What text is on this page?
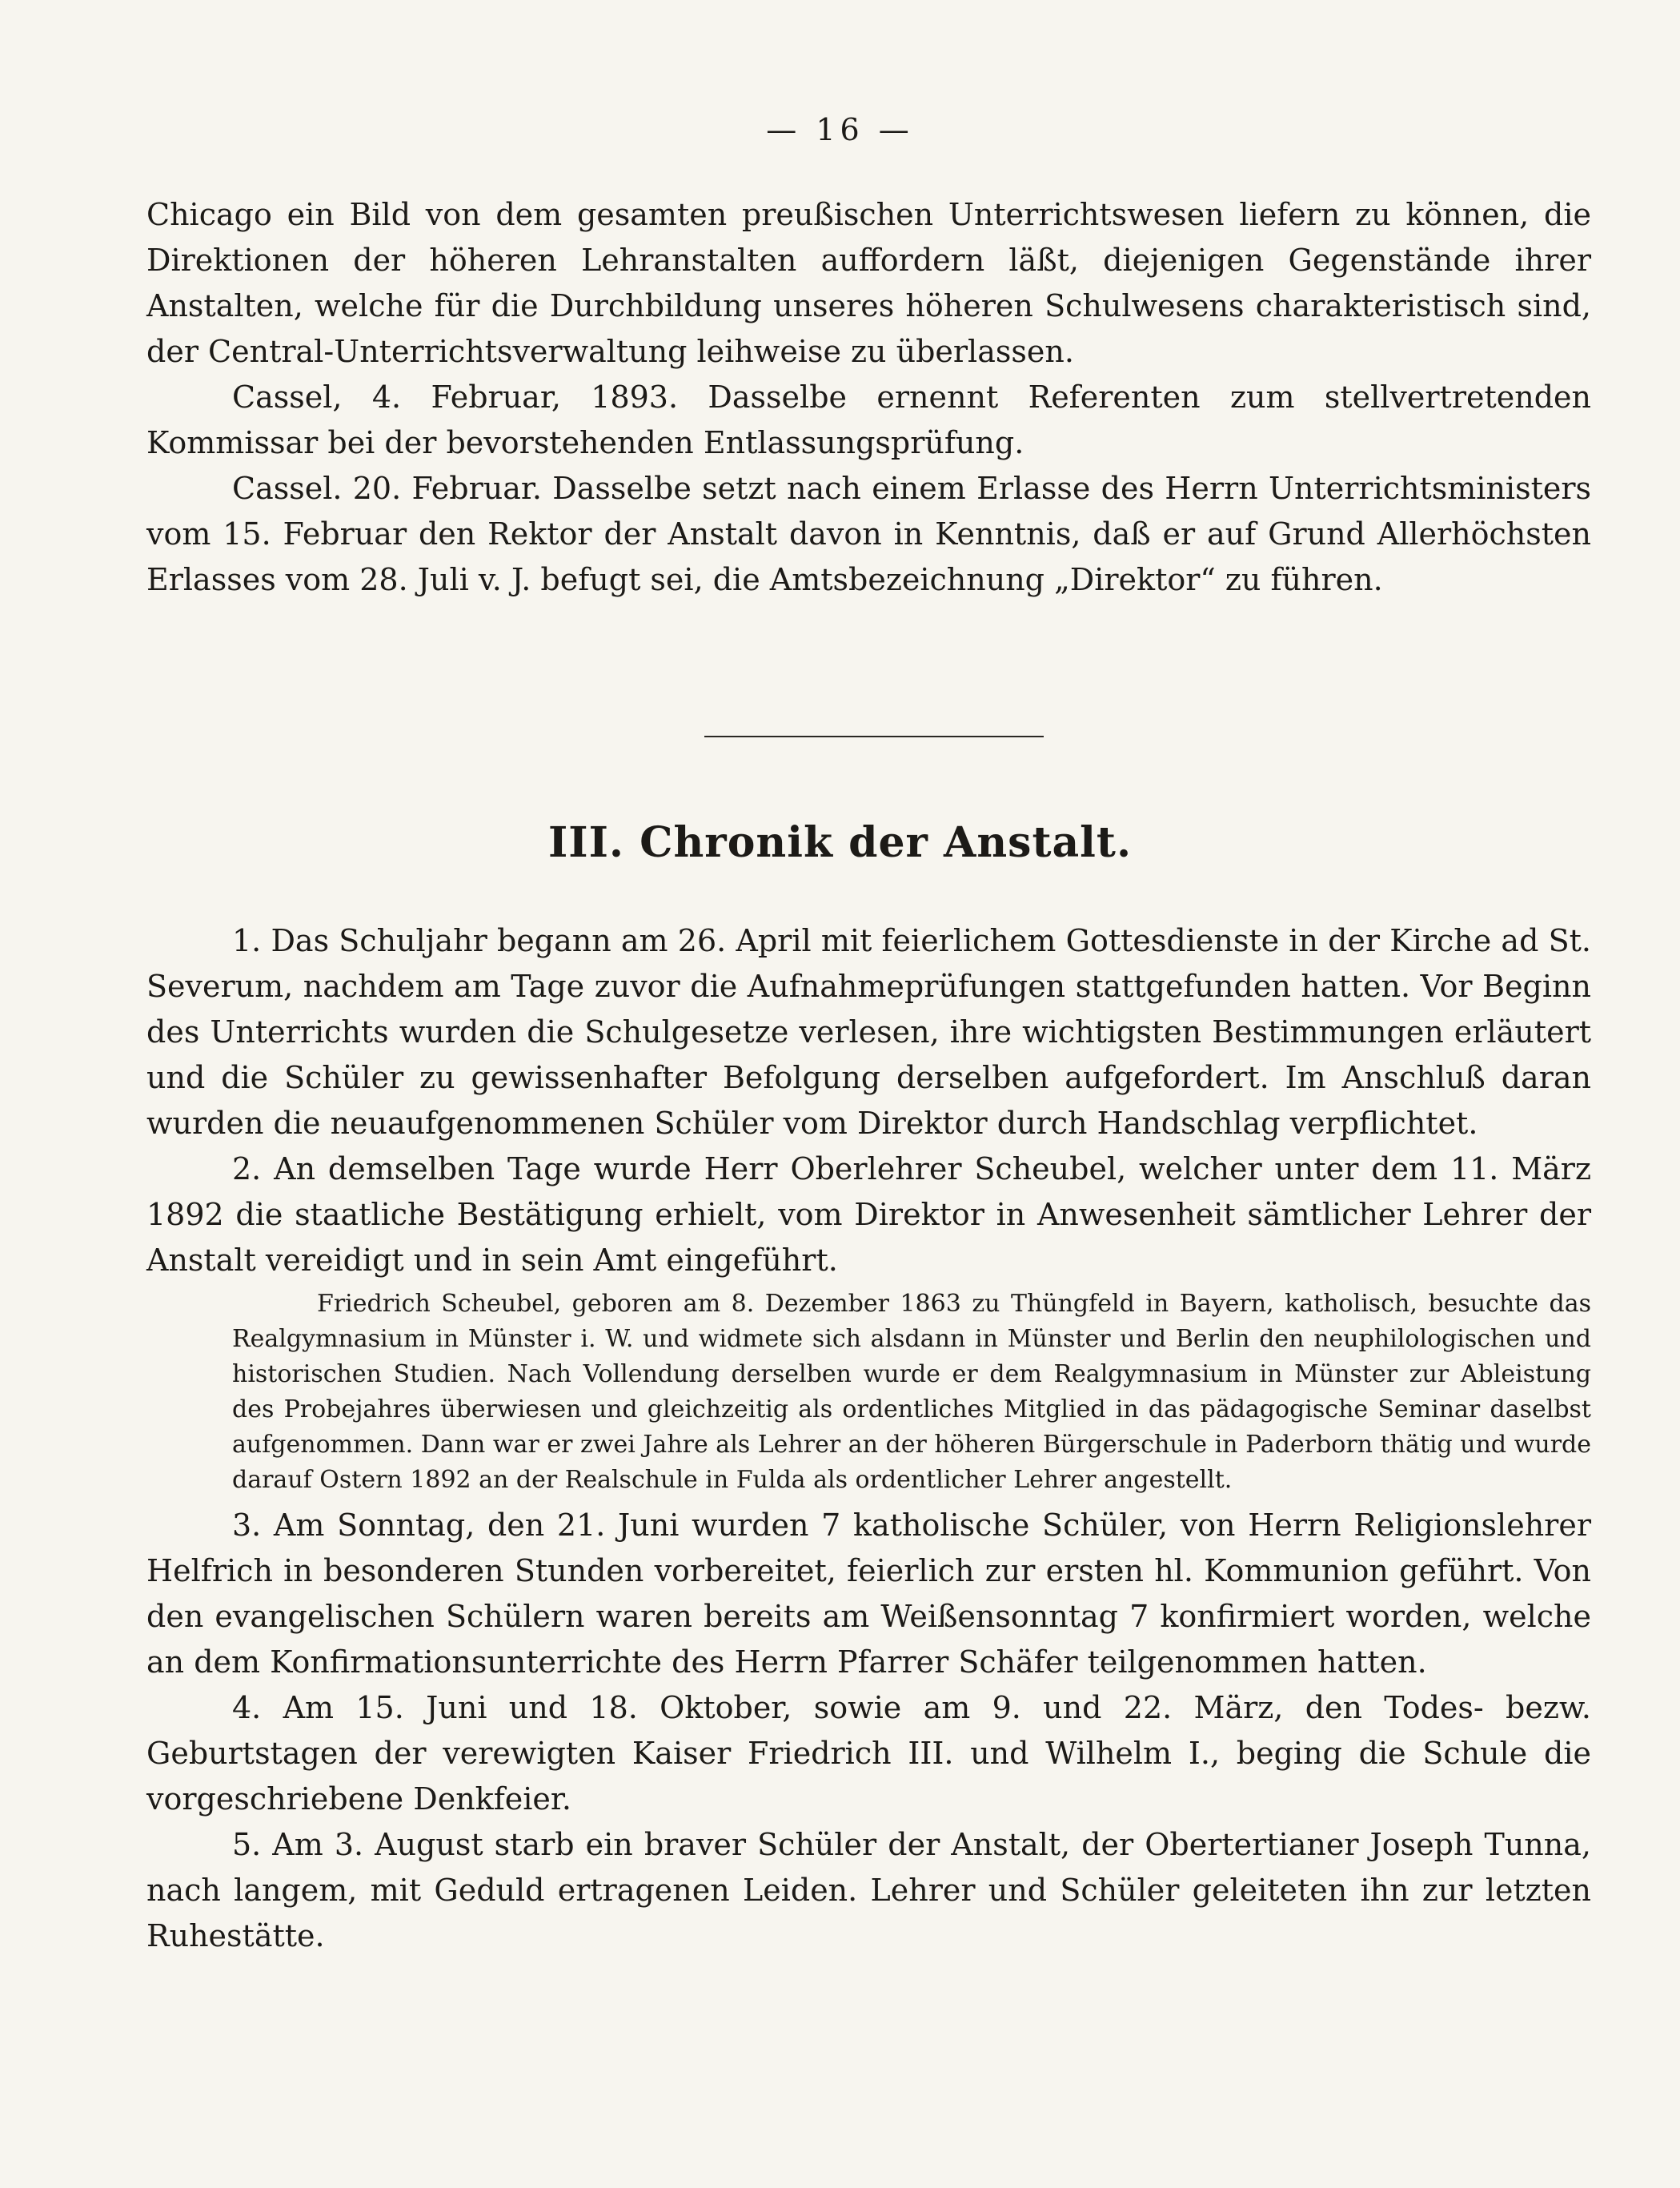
— 16 —

Chicago ein Bild von dem gesamten preußischen Unterrichtswesen liefern zu können, die Direktionen der höheren Lehranstalten auffordern läßt, diejenigen Gegenstände ihrer Anstalten, welche für die Durchbildung unseres höheren Schulwesens charakteristisch sind, der Central-Unterrichtsverwaltung leihweise zu überlassen.

Cassel, 4. Februar, 1893. Dasselbe ernennt Referenten zum stellvertretenden Kommissar bei der bevorstehenden Entlassungsprüfung.

Cassel. 20. Februar. Dasselbe setzt nach einem Erlasse des Herrn Unterrichtsministers vom 15. Februar den Rektor der Anstalt davon in Kenntnis, daß er auf Grund Allerhöchsten Erlasses vom 28. Juli v. J. befugt sei, die Amtsbezeichnung „Direktor“ zu führen.

III. Chronik der Anstalt.

1. Das Schuljahr begann am 26. April mit feierlichem Gottesdienste in der Kirche ad St. Severum, nachdem am Tage zuvor die Aufnahmeprüfungen stattgefunden hatten. Vor Beginn des Unterrichts wurden die Schulgesetze verlesen, ihre wichtigsten Bestimmungen erläutert und die Schüler zu gewissenhafter Befolgung derselben aufgefordert. Im Anschluß daran wurden die neuaufgenommenen Schüler vom Direktor durch Handschlag verpflichtet.

2. An demselben Tage wurde Herr Oberlehrer Scheubel, welcher unter dem 11. März 1892 die staatliche Bestätigung erhielt, vom Direktor in Anwesenheit sämtlicher Lehrer der Anstalt vereidigt und in sein Amt eingeführt.

Friedrich Scheubel, geboren am 8. Dezember 1863 zu Thüngfeld in Bayern, katholisch, besuchte das Realgymnasium in Münster i. W. und widmete sich alsdann in Münster und Berlin den neuphilologischen und historischen Studien. Nach Vollendung derselben wurde er dem Realgymnasium in Münster zur Ableistung des Probejahres überwiesen und gleichzeitig als ordentliches Mitglied in das pädagogische Seminar daselbst aufgenommen. Dann war er zwei Jahre als Lehrer an der höheren Bürgerschule in Paderborn thätig und wurde darauf Ostern 1892 an der Realschule in Fulda als ordentlicher Lehrer angestellt.

3. Am Sonntag, den 21. Juni wurden 7 katholische Schüler, von Herrn Religionslehrer Helfrich in besonderen Stunden vorbereitet, feierlich zur ersten hl. Kommunion geführt. Von den evangelischen Schülern waren bereits am Weißensonntag 7 konfirmiert worden, welche an dem Konfirmationsunterrichte des Herrn Pfarrer Schäfer teilgenommen hatten.

4. Am 15. Juni und 18. Oktober, sowie am 9. und 22. März, den Todes- bezw. Geburtstagen der verewigten Kaiser Friedrich III. und Wilhelm I., beging die Schule die vorgeschriebene Denkfeier.

5. Am 3. August starb ein braver Schüler der Anstalt, der Obertertianer Joseph Tunna, nach langem, mit Geduld ertragenen Leiden. Lehrer und Schüler geleiteten ihn zur letzten Ruhestätte.
